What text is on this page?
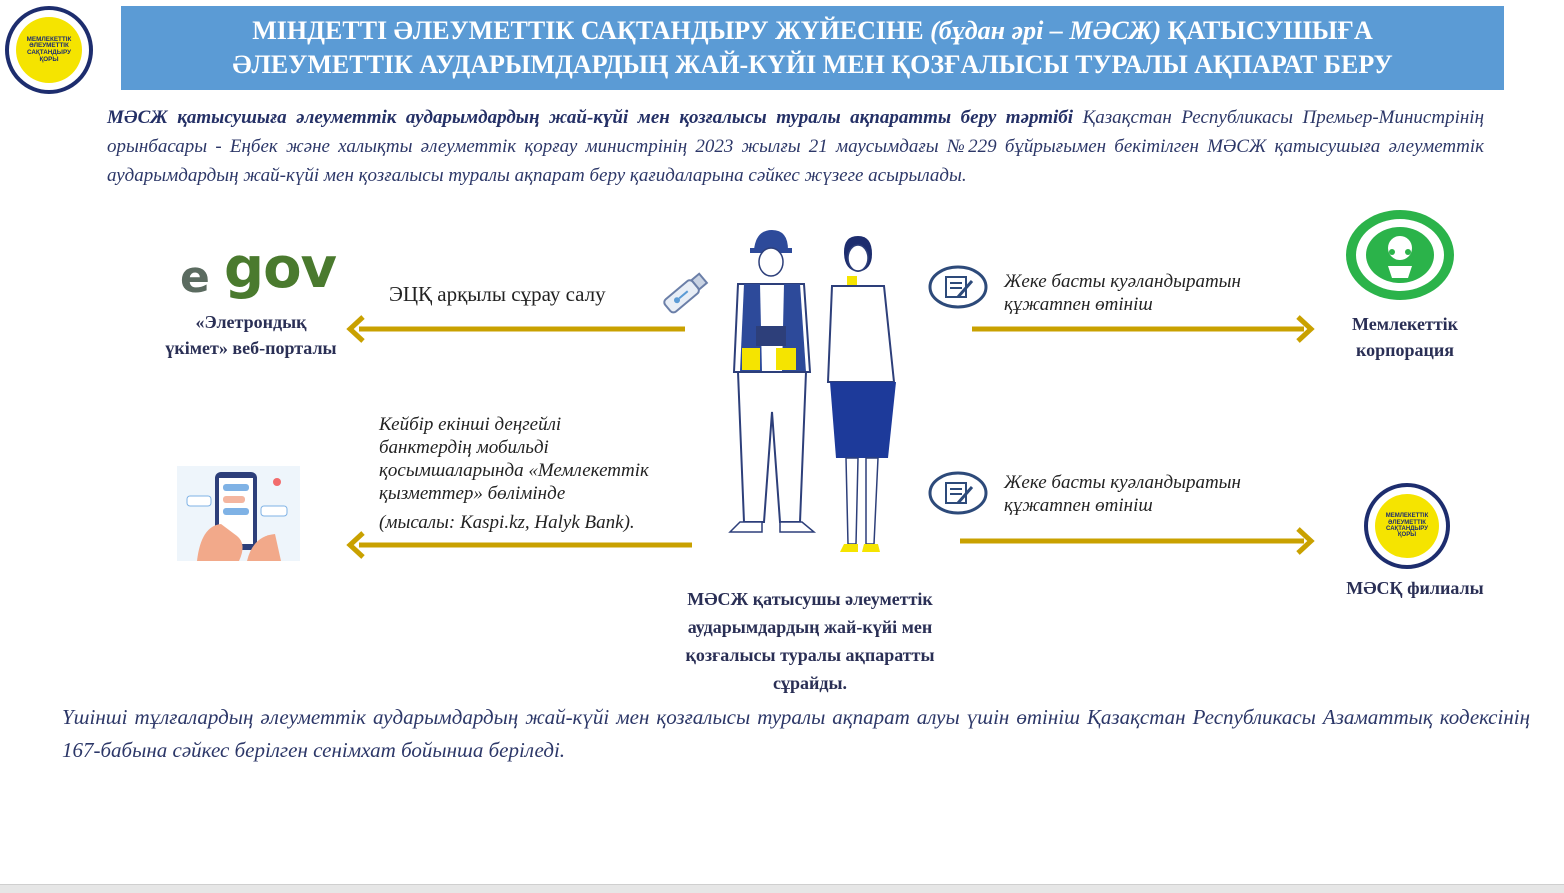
МЕМЛЕКЕТТІК
ӘЛЕУМЕТТІК
САҚТАНДЫРУ
ҚОРЫ
МІНДЕТТІ ӘЛЕУМЕТТІК САҚТАНДЫРУ ЖҮЙЕСІНЕ (бұдан әрі – МӘСЖ) ҚАТЫСУШЫҒА
ӘЛЕУМЕТТІК АУДАРЫМДАРДЫҢ ЖАЙ-КҮЙІ МЕН ҚОЗҒАЛЫСЫ ТУРАЛЫ АҚПАРАТ БЕРУ
МӘСЖ қатысушыға әлеуметтік аударымдардың жай-күйі мен қозғалысы туралы ақпаратты беру тәртібі Қазақстан Республикасы Премьер-Министрінің орынбасары - Еңбек және халықты әлеуметтік қорғау министрінің 2023 жылғы 21 маусымдағы №229 бұйрығымен бекітілген МӘСЖ қатысушыға әлеуметтік аударымдардың жай-күйі мен қозғалысы туралы ақпарат беру қағидаларына сәйкес жүзеге асырылады.
e gov
«Элетрондық
үкімет» веб-порталы
ЭЦҚ арқылы сұрау салу
Кейбір екінші деңгейлі
банктердің мобильді
қосымшаларында «Мемлекеттік
қызметтер» бөлімінде
(мысалы: Kaspi.kz, Halyk Bank).
МӘСЖ қатысушы әлеуметтік
аударымдардың жай-күйі мен
қозғалысы туралы ақпаратты
сұрайды.
Жеке басты куәландыратын
құжатпен өтініш
Мемлекеттік
корпорация
Жеке басты куәландыратын
құжатпен өтініш
МЕМЛЕКЕТТІК
ӘЛЕУМЕТТІК
САҚТАНДЫРУ
ҚОРЫ
МӘСҚ филиалы
Үшінші тұлғалардың әлеуметтік аударымдардың жай-күйі мен қозғалысы туралы ақпарат алуы үшін өтініш Қазақстан Республикасы Азаматтық кодексінің 167-бабына сәйкес берілген сенімхат бойынша беріледі.
